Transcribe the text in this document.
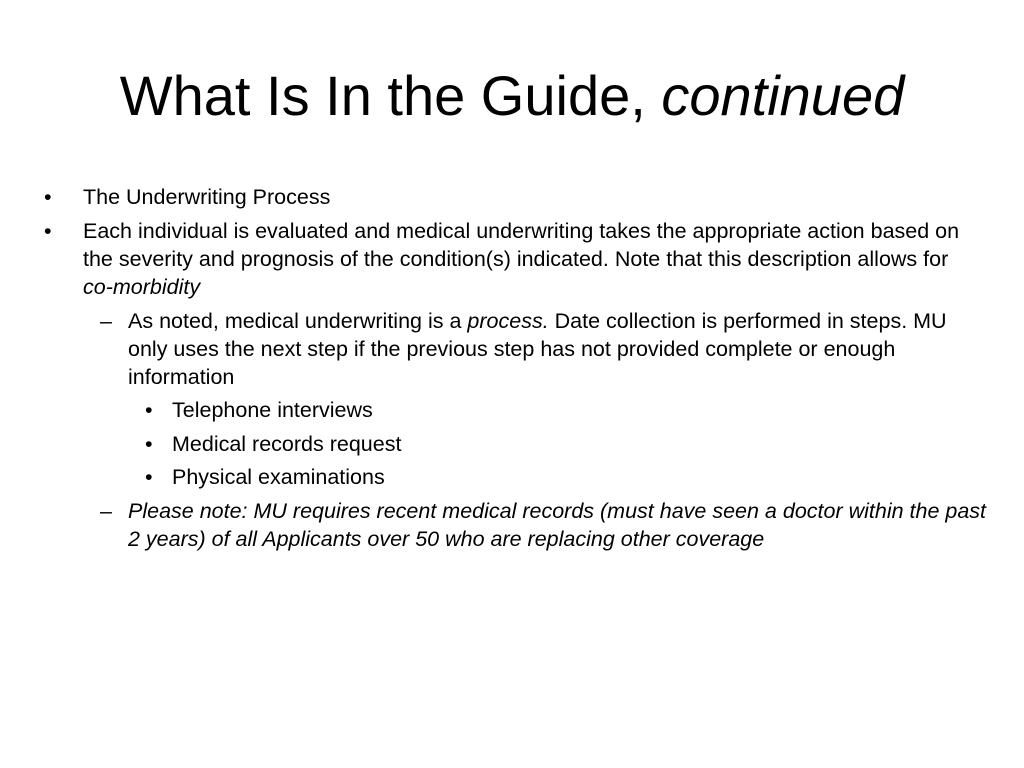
What Is In the Guide, continued
• The Underwriting Process
• Each individual is evaluated and medical underwriting takes the appropriate action based on the severity and prognosis of the condition(s) indicated. Note that this description allows for co-morbidity
– As noted, medical underwriting is a process. Date collection is performed in steps. MU only uses the next step if the previous step has not provided complete or enough information
• Telephone interviews
• Medical records request
• Physical examinations
– Please note: MU requires recent medical records (must have seen a doctor within the past 2 years) of all Applicants over 50 who are replacing other coverage
